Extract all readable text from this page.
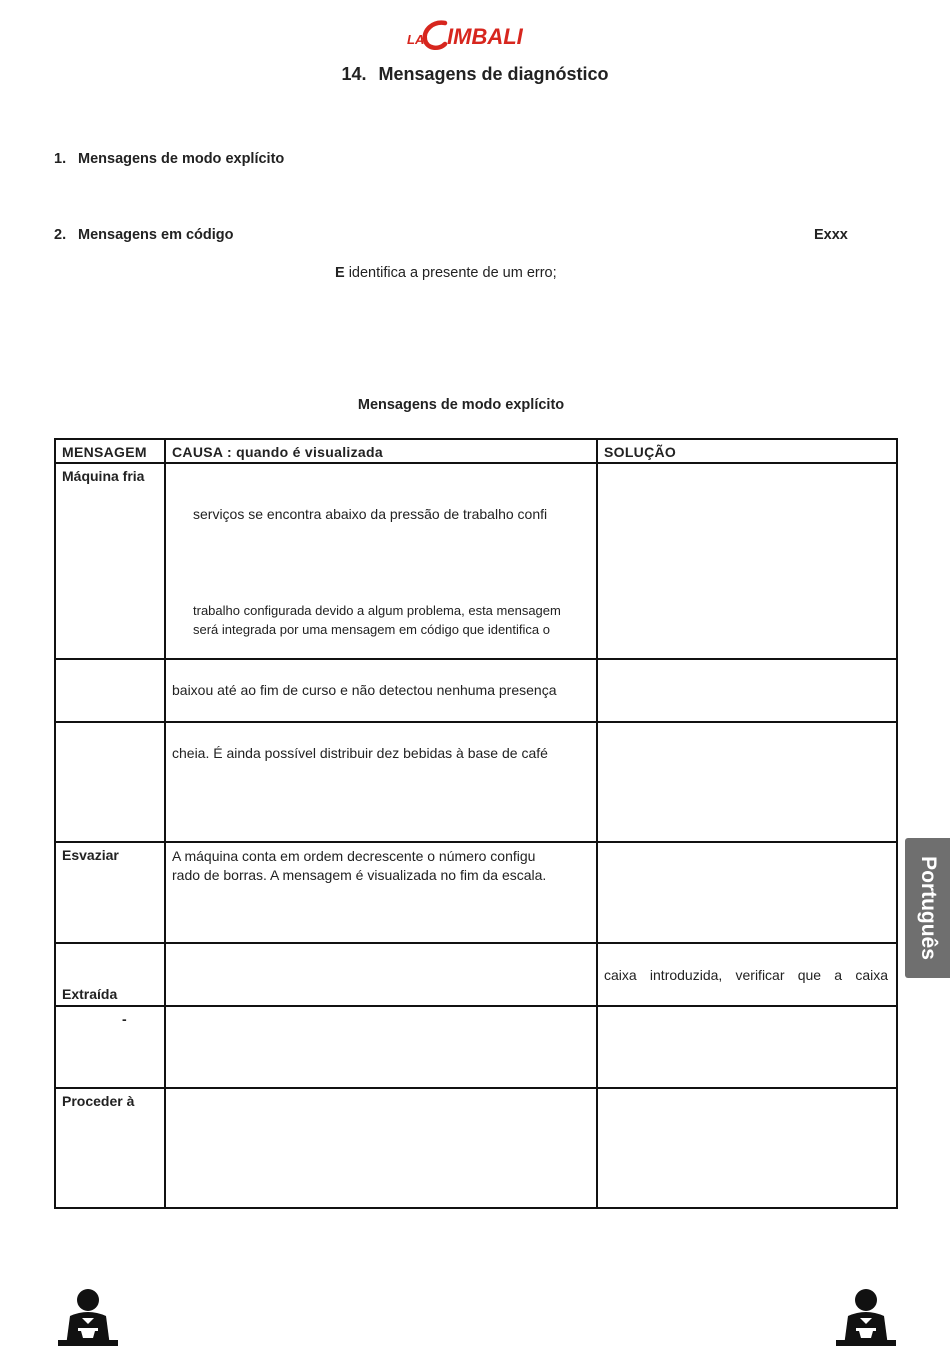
LA IMBALI
14. Mensagens de diagnóstico
1. Mensagens de modo explícito
2. Mensagens em código	Exxx
E identifica a presente de um erro;
Mensagens de modo explícito
MENSAGEM	CAUSA : quando é visualizada	SOLUÇÃO

Máquina fria	serviços se encontra abaixo da pressão de trabalho confi
trabalho configurada devido a algum problema, esta mensagem
será integrada por uma mensagem em código que identifica o	

	baixou até ao fim de curso e não detectou nenhuma presença	

	cheia. É ainda possível distribuir dez bebidas à base de café	

Esvaziar	A máquina conta em ordem decrescente o número configu
rado de borras. A mensagem é visualizada no fim da escala.	

Extraída		caixa introduzida, verificar que a caixa

-		

Proceder à		

Português
